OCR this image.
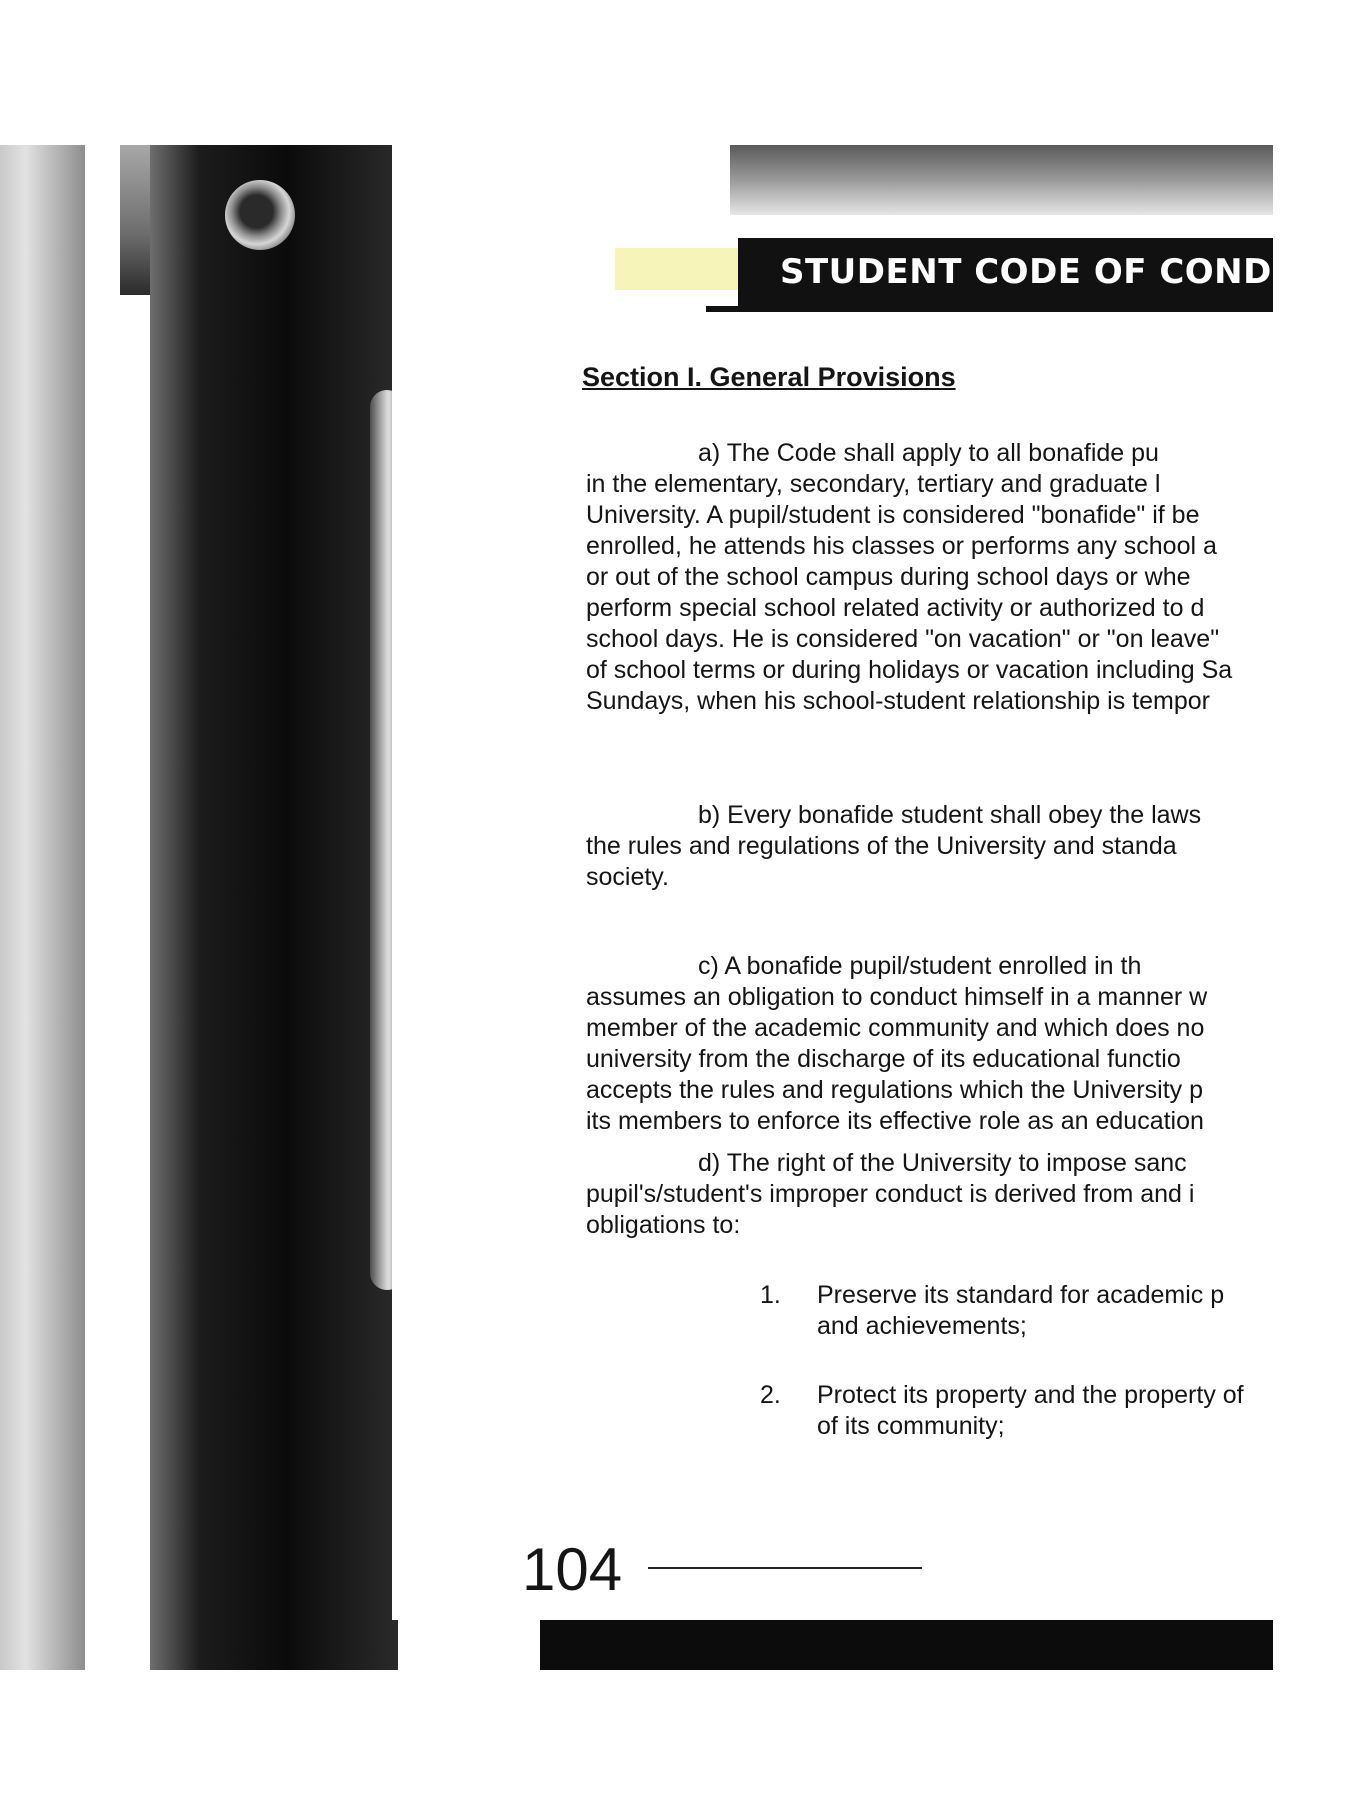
STUDENT CODE OF CONDUCT
Section I. General Provisions
a) The Code shall apply to all bonafide pu
in the elementary, secondary, tertiary and graduate l
University. A pupil/student is considered "bonafide" if be
enrolled, he attends his classes or performs any school a
or out of the school campus during school days or whe
perform special school related activity or authorized to d
school days. He is considered "on vacation" or "on leave"
of school terms or during holidays or vacation including Sa
Sundays, when his school-student relationship is tempor
b) Every bonafide student shall obey the laws
the rules and regulations of the University and standa
society.
c) A bonafide pupil/student enrolled in th
assumes an obligation to conduct himself in a manner w
member of the academic community and which does no
university from the discharge of its educational functio
accepts the rules and regulations which the University p
its members to enforce its effective role as an education
d) The right of the University to impose sanc
pupil's/student's improper conduct is derived from and i
obligations to:
1. Preserve its standard for academic p
and achievements;
2. Protect its property and the property of
of its community;
104
